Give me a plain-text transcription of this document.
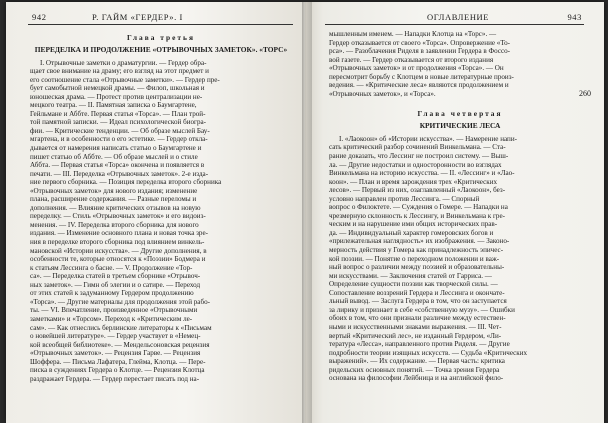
942	Р. ГАЙМ «ГЕРДЕР». I
Глава третья
ПЕРЕДЕЛКА И ПРОДОЛЖЕНИЕ «ОТРЫВОЧНЫХ ЗАМЕТОК». «ТОРС»
I. Отрывочные заметки о драматургии. — Гердер обра-
щает свое внимание на драму; его взгляд на этот предмет и
его соотношение стала «Отрывочные заметки». — Гердер пре-
бует самобытной немецкой драмы. — Филоп, школьная и
юношеская драма. — Протест против централизации не-
мецкого театра. — II. Памятная записка о Баумгартене,
Гейльмане и Аббте. Первая статья «Торса». — План трой-
той памятной записки. — Идеал психологической биогра-
фии. — Критические тенденции. — Об образе мыслей Бау-
мгартена, и в особенности о его эстетике. — Гердер откла-
дывается от намерения написать статью о Баумгартене и
пишет статью об Аббте. — Об образе мыслей и о стиле
Аббта. — Первая статья «Торса» окончена и появляется в
печати. — III. Переделка «Отрывочных заметок». 2-е изда-
ние первого сборника. — Позиция переделка второго сборника
«Отрывочных заметок» для нового издания; изменение
плана, расширение содержания. — Разные переломы и
дополнения. — Влияние критических отзывов на новую
переделку. — Стиль «Отрывочных заметок» и его видоиз-
менения. — IV. Переделка второго сборника для нового
издания. — Изменение основного плана и новая точка зре-
ния в переделке второго сборника под влиянием винкель-
мановской «Истории искусства». — Другие дополнения, в
особенности те, которые относятся к «Поэзии» Бодмера и
к статьям Лессинга о басне. — V. Продолжение «Тор-
са». — Переделка статей в третьем сборнике «Отрывоч-
ных заметок». — Гимн об элегии и о сатире. — Переход
от этих статей к задуманному Гердером продолжению
«Торса». — Другие материалы для продолжения этой рабо-
ты. — VI. Впечатление, произведенное «Отрывочными
заметками» и «Торсом». Переход к «Критическим ле-
сам». — Как отнеслись берлинские литераторы к «Письмам
о новейшей литературе». — Гердер участвует в «Немец-
кой всеобщей библиотеке». — Мендельсоновская рецензия
«Отрывочных заметок». — Рецензия Гарве. — Рецензия
Шоффера. — Письма Лафатера, Глейма, Клотца. — Пере-
писка в суждениях Гердера о Клотце. — Рецензия Клотца
раздражает Гердера. — Гердер перестает писать под на-
ОГЛАВЛЕНИЕ	943
мышленным именем. — Нападки Клотца на «Торс». —
Гердер отказывается от своего «Торса». Опровержение «То-
рса». — Разоблачения Риделя в заявлении Гердера в Фосcо-
вой газете. — Гердер отказывается от второго издания
«Отрывочных заметок» и от продолжения «Торса». — Он
пересмотрит борьбу с Клотцем в новые литературные произ-
ведения. — «Критические леса» являются продолжением и
«Отрывочных заметок», и «Торса».	260
Глава четвертая
КРИТИЧЕСКИЕ ЛЕСА
I. «Лаокоон» об «Истории искусства». — Намерение напи-
сать критический разбор сочинений Винкельмана. — Ста-
рание доказать, что Лессинг не построил систему. — Выш-
ла. — Другие недостатки и односторонности во взглядах
Винкельмана на историю искусства. — II. «Лессинг» и «Лао-
коон». — План и время зарождения трех «Критических
лесов». — Первый из них, озаглавленный «Лаокоон», без-
условно направлен против Лессинга. — Спорный
вопрос о Филоктете. — Суждения о Гомере. — Нападки на
чрезмерную склонность к Лессингу, и Винкельмана к гре-
ческим и на нарушение ими общих исторических прав-
да. — Индивидуальный характер гомеровских богов и
«прилежательная наглядность» их изображения. — Законо-
мерность действия у Гомера как принадлежность эпичес-
кой поэзии. — Понятие о переходном положении и важ-
ный вопрос о различии между поэзией и образовательны-
ми искусствами. — Заключения статей от Гарриса. —
Определение сущности поэзии как творческой силы. —
Сопоставление воззрений Гердера и Лессинга и окончате-
льный вывод. — Заслуга Гердера в том, что он заступается
за лирику и признает в себе «собственную музу». — Ошибки
обоих в том, что они признали различие между естествен-
ными и искусственными знаками выражения. — III. Чет-
вертый «Критический лес», не изданный Гердером, «Ли-
тература «Лесса», направленного против Риделя. — Другие
подробности теории изящных искусств. — Судьба «Критических
выражений». — Их содержание. — Первая часть: критика
ридельских основных понятий. — Точка зрения Гердера
основана на философии Лейбница и на английской фило-
